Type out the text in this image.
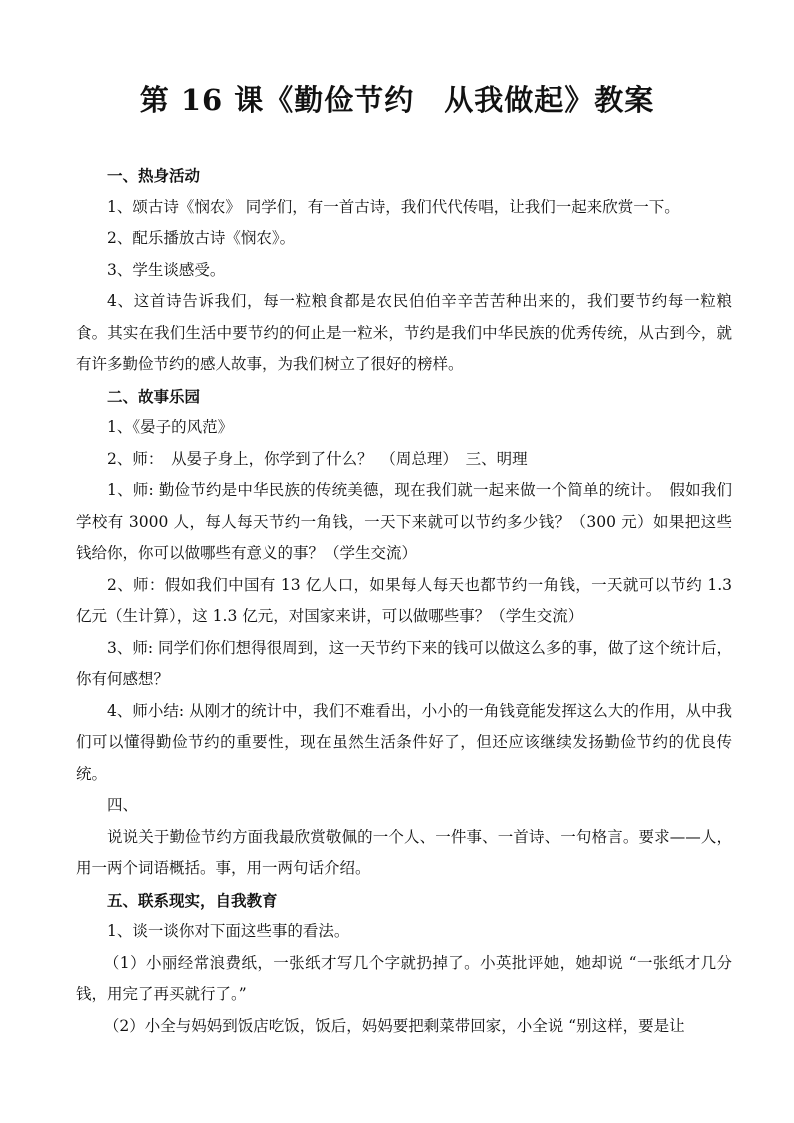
第 16 课《勤俭节约　从我做起》教案

一、热身活动

1、颂古诗《悯农》 同学们，有一首古诗，我们代代传唱，让我们一起来欣赏一下。

2、配乐播放古诗《悯农》。

3、学生谈感受。

4、这首诗告诉我们，每一粒粮食都是农民伯伯辛辛苦苦种出来的，我们要节约每一粒粮食。其实在我们生活中要节约的何止是一粒米，节约是我们中华民族的优秀传统，从古到今，就有许多勤俭节约的感人故事，为我们树立了很好的榜样。

二、故事乐园

1、《晏子的风范》

2、师：　从晏子身上，你学到了什么？　（周总理）　三、明理

1、师: 勤俭节约是中华民族的传统美德，现在我们就一起来做一个简单的统计。　假如我们学校有 3000 人，每人每天节约一角钱，一天下来就可以节约多少钱？（300 元）如果把这些钱给你，你可以做哪些有意义的事？（学生交流）

2、师：假如我们中国有 13 亿人口，如果每人每天也都节约一角钱，一天就可以节约 1.3 亿元（生计算），这 1.3 亿元，对国家来讲，可以做哪些事？（学生交流）

3、师: 同学们你们想得很周到，这一天节约下来的钱可以做这么多的事，做了这个统计后，你有何感想？

4、师小结: 从刚才的统计中，我们不难看出，小小的一角钱竟能发挥这么大的作用，从中我们可以懂得勤俭节约的重要性，现在虽然生活条件好了，但还应该继续发扬勤俭节约的优良传统。

四、

说说关于勤俭节约方面我最欣赏敬佩的一个人、一件事、一首诗、一句格言。要求——人，用一两个词语概括。事，用一两句话介绍。

五、联系现实，自我教育

1、谈一谈你对下面这些事的看法。

（1）小丽经常浪费纸，一张纸才写几个字就扔掉了。小英批评她，她却说 “一张纸才几分钱，用完了再买就行了。”

（2）小全与妈妈到饭店吃饭，饭后，妈妈要把剩菜带回家，小全说 “别这样，要是让
